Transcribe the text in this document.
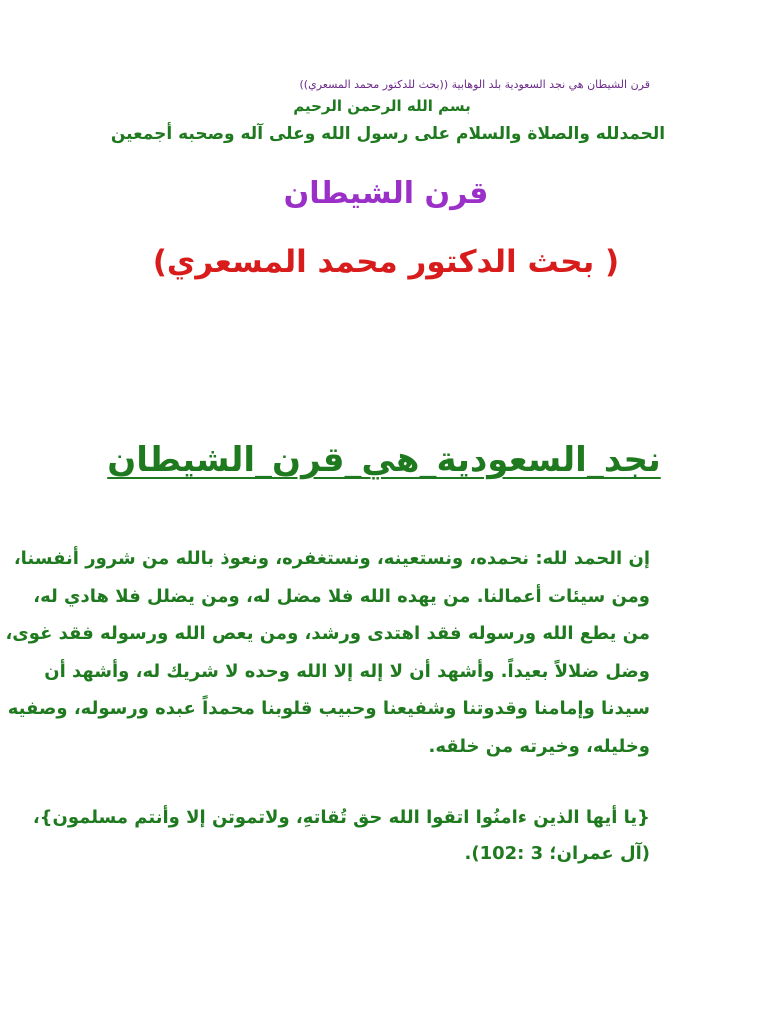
قرن الشيطان هي نجد السعودية بلد الوهابية ((بحث للدكتور محمد المسعري))
بسم الله الرحمن الرحيم
الحمدلله والصلاة والسلام على رسول الله وعلى آله وصحبه أجمعين
قرن الشيطان
( بحث الدكتور محمد المسعري)
نجد_السعودية_هي_قرن_الشيطان
إن الحمد لله: نحمده، ونستعينه، ونستغفره، ونعوذ بالله من شرور أنفسنا،
ومن سيئات أعمالنا. من يهده الله فلا مضل له، ومن يضلل فلا هادي له،
من يطع الله ورسوله فقد اهتدى ورشد، ومن يعص الله ورسوله فقد غوى،
وضل ضلالاً بعيداً. وأشهد أن لا إله إلا الله وحده لا شريك له، وأشهد أن
سيدنا وإمامنا وقدوتنا وشفيعنا وحبيب قلوبنا محمداً عبده ورسوله، وصفيه
وخليله، وخيرته من خلقه.
{يا أيها الذين ءامنُوا اتقوا الله حق تُقاتهِ، ولاتموتن إلا وأنتم مسلمون}،
(آل عمران؛ 3 :102).
